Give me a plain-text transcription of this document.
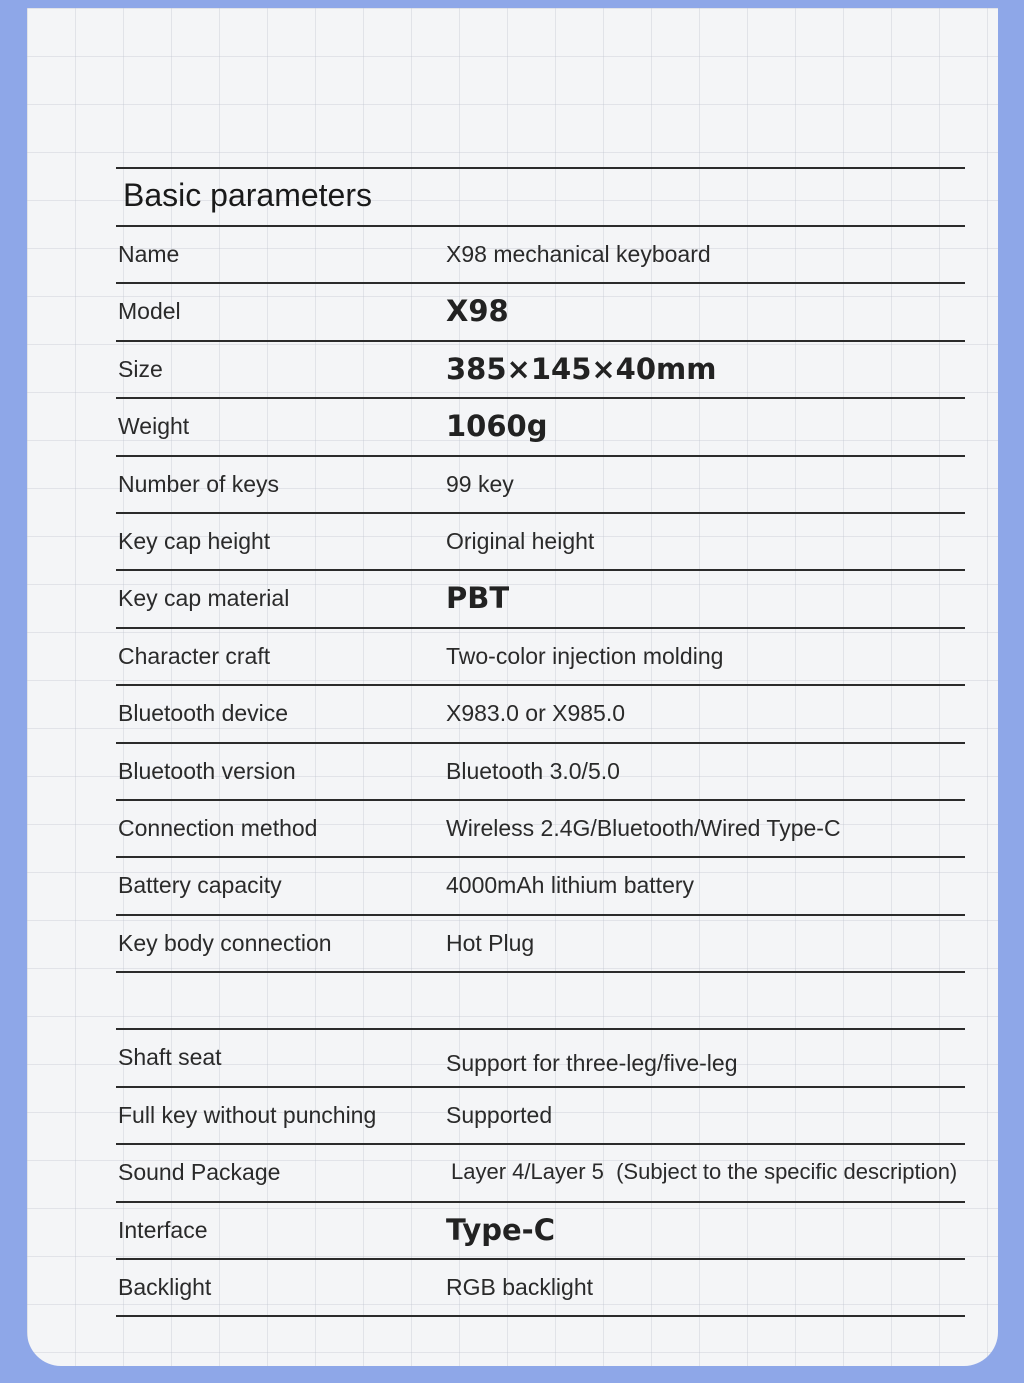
Basic parameters
Name	X98 mechanical keyboard
Model	X98
Size	385×145×40mm
Weight	1060g
Number of keys	99 key
Key cap height	Original height
Key cap material	PBT
Character craft	Two-color injection molding
Bluetooth device	X983.0 or X985.0
Bluetooth version	Bluetooth 3.0/5.0
Connection method	Wireless 2.4G/Bluetooth/Wired Type-C
Battery capacity	4000mAh lithium battery
Key body connection	Hot Plug
Shaft seat	Support for three-leg/five-leg
Full key without punching	Supported
Sound Package	Layer 4/Layer 5  (Subject to the specific description)
Interface	Type-C
Backlight	RGB backlight
